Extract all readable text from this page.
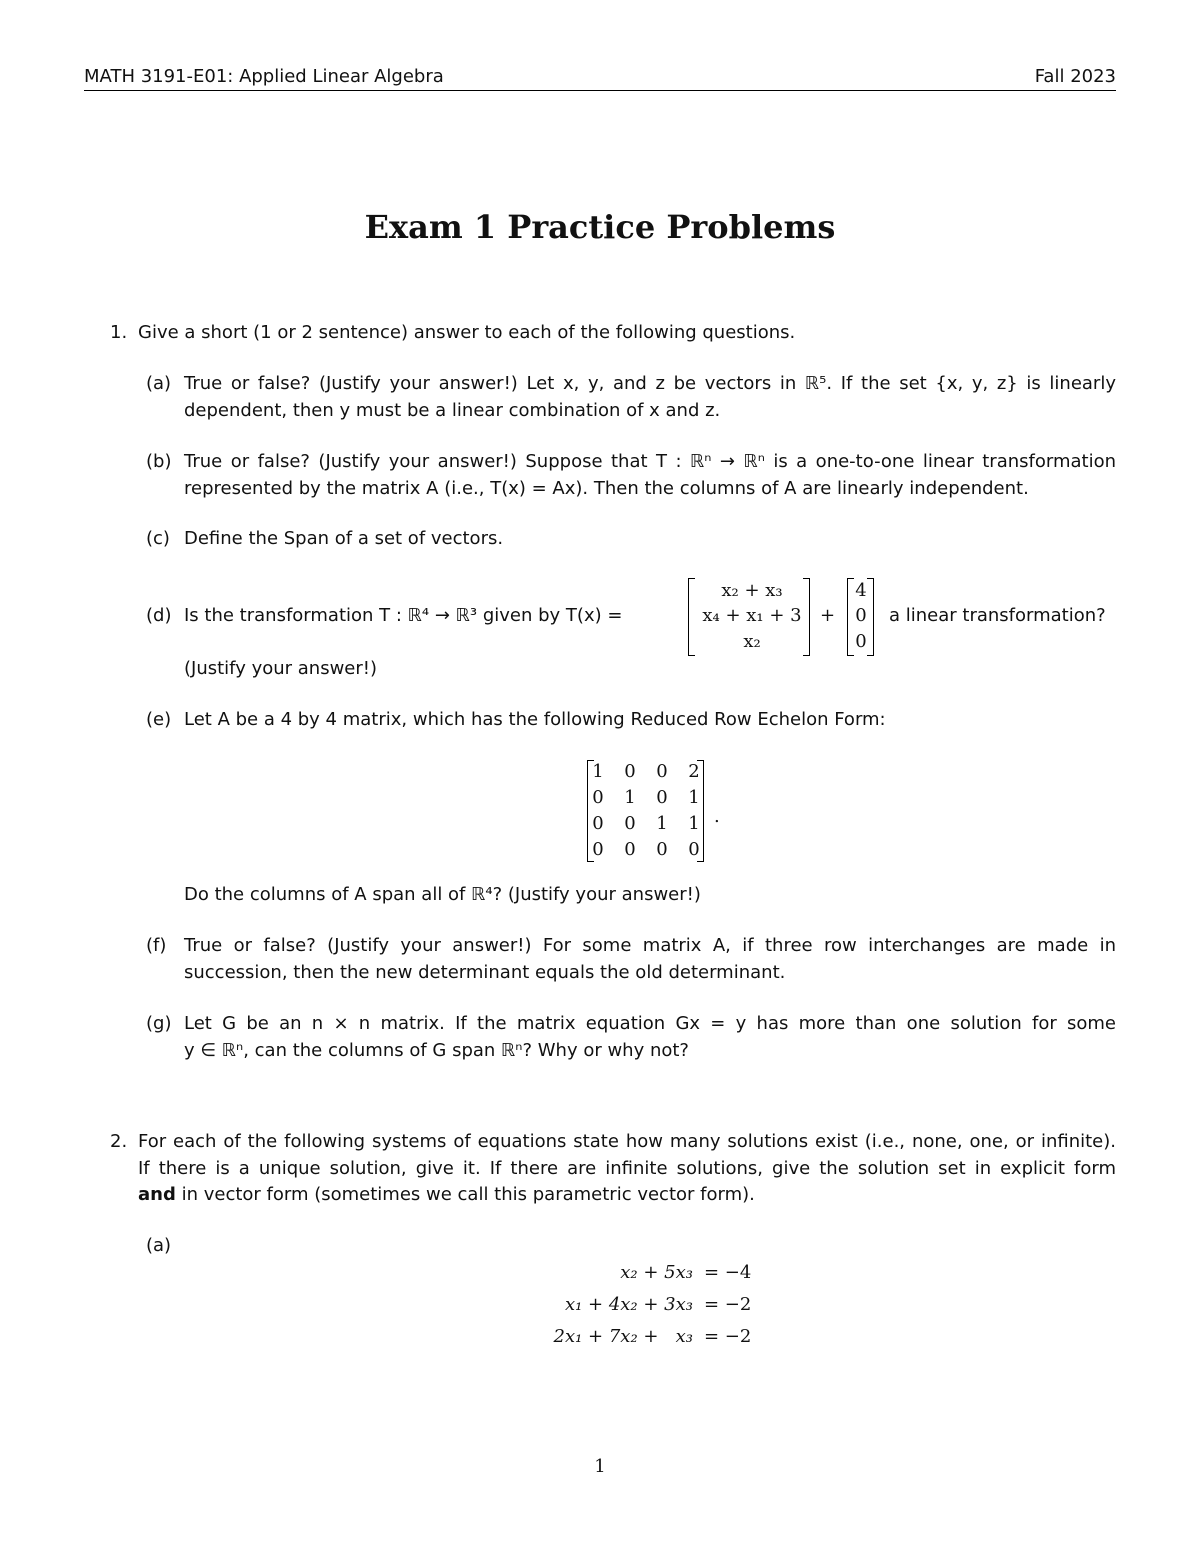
MATH 3191-E01: Applied Linear Algebra	Fall 2023
Exam 1 Practice Problems
1. Give a short (1 or 2 sentence) answer to each of the following questions.
(a) True or false? (Justify your answer!) Let x, y, and z be vectors in ℝ⁵. If the set {x, y, z} is linearly
dependent, then y must be a linear combination of x and z.
(b) True or false? (Justify your answer!) Suppose that T : ℝⁿ → ℝⁿ is a one-to-one linear transformation
represented by the matrix A (i.e., T(x) = Ax). Then the columns of A are linearly independent.
(c) Define the Span of a set of vectors.
(d) Is the transformation T : ℝ⁴ → ℝ³ given by T(x) =
x₂ + x₃
x₄ + x₁ + 3
x₂
+
4
0
0
a linear transformation?
(Justify your answer!)
(e) Let A be a 4 by 4 matrix, which has the following Reduced Row Echelon Form:
1 0 0 2
0 1 0 1
0 0 1 1
0 0 0 0
.
Do the columns of A span all of ℝ⁴? (Justify your answer!)
(f) True or false? (Justify your answer!) For some matrix A, if three row interchanges are made in
succession, then the new determinant equals the old determinant.
(g) Let G be an n × n matrix. If the matrix equation Gx = y has more than one solution for some
y ∈ ℝⁿ, can the columns of G span ℝⁿ? Why or why not?
2. For each of the following systems of equations state how many solutions exist (i.e., none, one, or infinite).
If there is a unique solution, give it. If there are infinite solutions, give the solution set in explicit form
and in vector form (sometimes we call this parametric vector form).
(a)
x₂ + 5x₃ = −4
x₁ + 4x₂ + 3x₃ = −2
2x₁ + 7x₂ +   x₃ = −2
1
